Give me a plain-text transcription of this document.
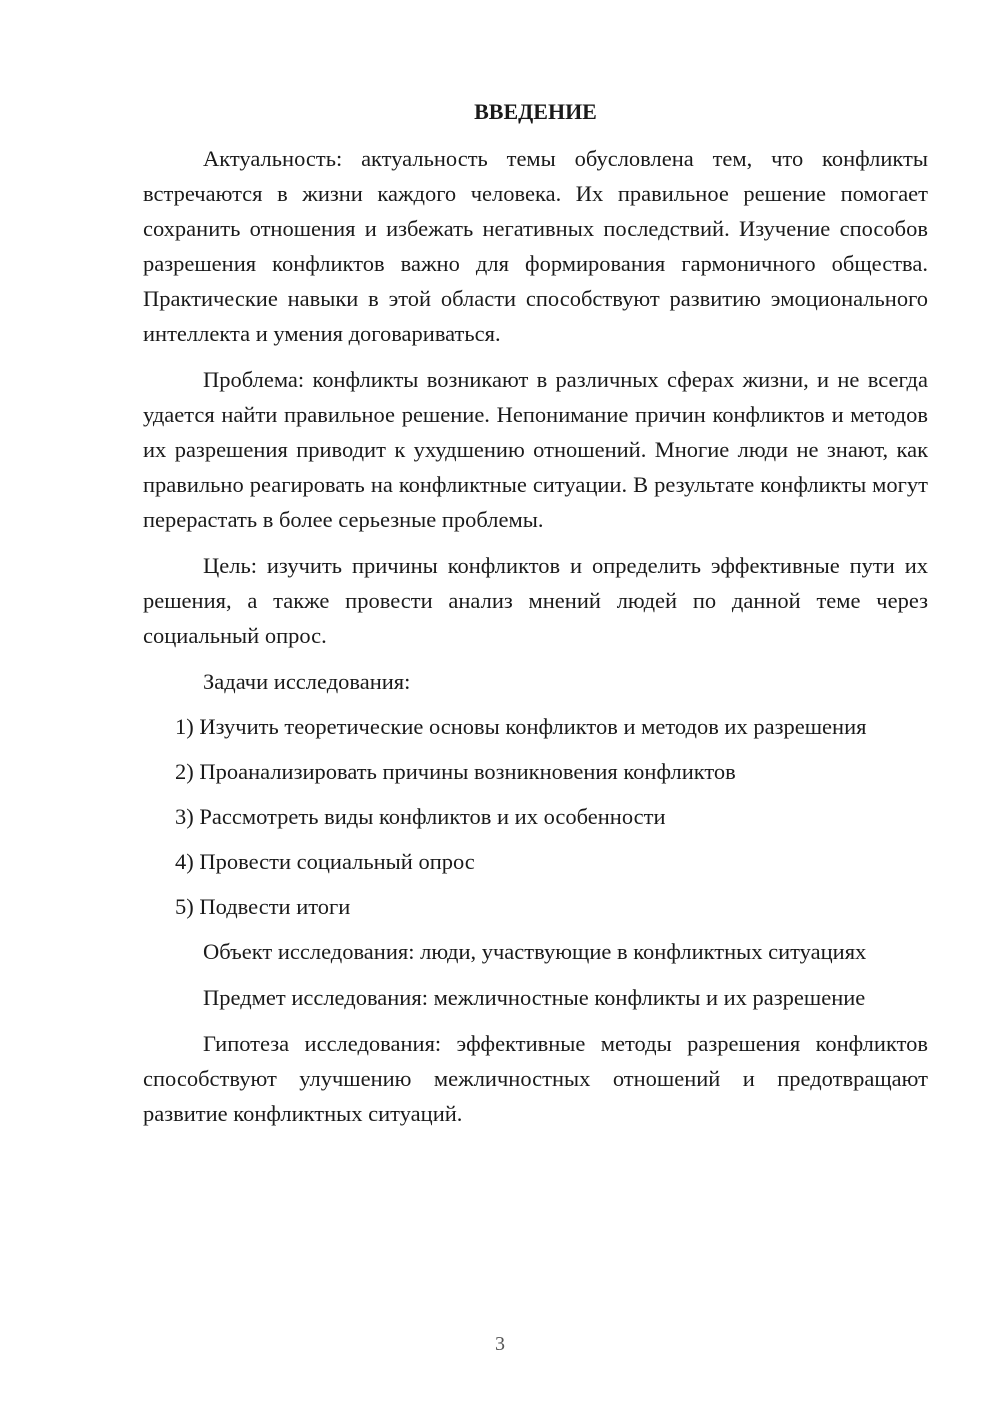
ВВЕДЕНИЕ

Актуальность: актуальность темы обусловлена тем, что конфликты встречаются в жизни каждого человека. Их правильное решение помогает сохранить отношения и избежать негативных последствий. Изучение способов разрешения конфликтов важно для формирования гармоничного общества. Практические навыки в этой области способствуют развитию эмоционального интеллекта и умения договариваться.

Проблема: конфликты возникают в различных сферах жизни, и не всегда удается найти правильное решение. Непонимание причин конфликтов и методов их разрешения приводит к ухудшению отношений. Многие люди не знают, как правильно реагировать на конфликтные ситуации. В результате конфликты могут перерастать в более серьезные проблемы.

Цель: изучить причины конфликтов и определить эффективные пути их решения, а также провести анализ мнений людей по данной теме через социальный опрос.

Задачи исследования:

1) Изучить теоретические основы конфликтов и методов их разрешения

2) Проанализировать причины возникновения конфликтов

3) Рассмотреть виды конфликтов и их особенности

4) Провести социальный опрос

5) Подвести итоги

Объект исследования: люди, участвующие в конфликтных ситуациях

Предмет исследования: межличностные конфликты и их разрешение

Гипотеза исследования: эффективные методы разрешения конфликтов способствуют улучшению межличностных отношений и предотвращают развитие конфликтных ситуаций.

3
